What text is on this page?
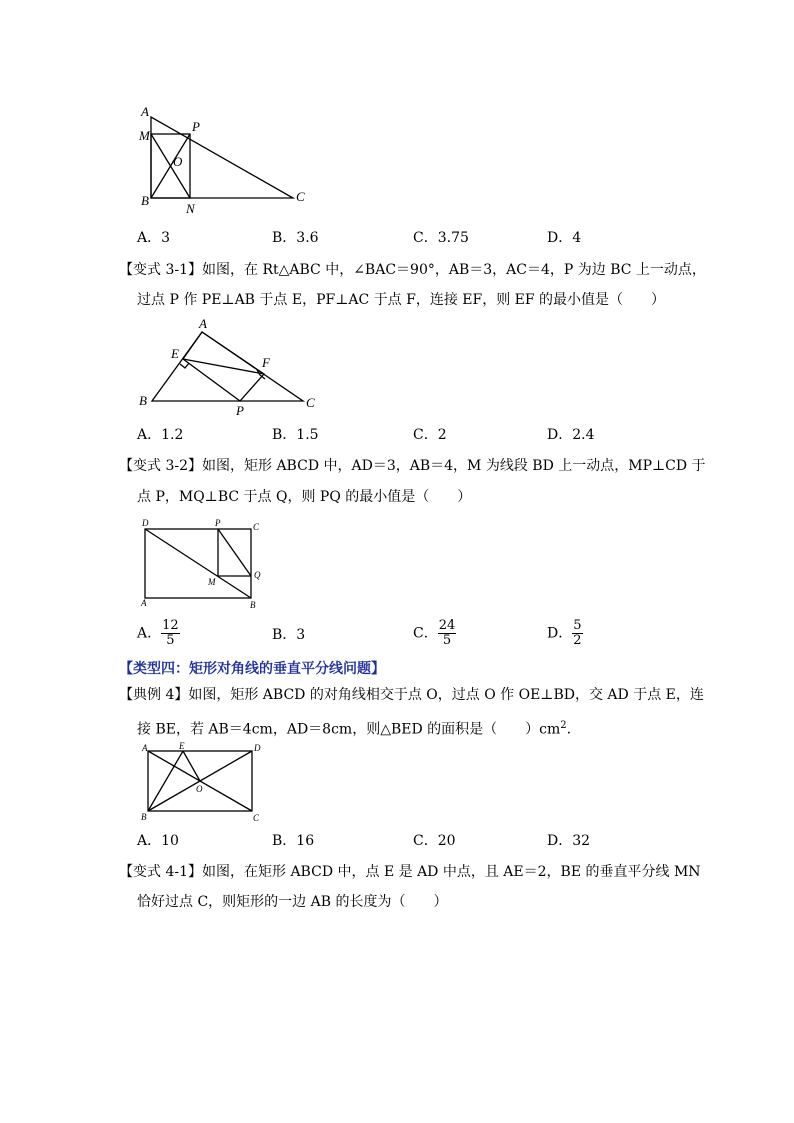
A
M
P
O
B
N
C
A．3	B．3.6	C．3.75	D．4
【变式 3-1】如图，在 Rt△ABC 中，∠BAC＝90°，AB＝3，AC＝4，P 为边 BC 上一动点，
过点 P 作 PE⊥AB 于点 E，PF⊥AC 于点 F，连接 EF，则 EF 的最小值是（　　）
A
E
F
B
P
C
A．1.2	B．1.5	C．2	D．2.4
【变式 3-2】如图，矩形 ABCD 中，AD＝3，AB＝4，M 为线段 BD 上一动点，MP⊥CD 于
点 P，MQ⊥BC 于点 Q，则 PQ 的最小值是（　　）
D	P	C
M
Q
A	B
A． $\frac{12}{5}$	B．3	C． $\frac{24}{5}$	D． $\frac{5}{2}$
【类型四：矩形对角线的垂直平分线问题】
【典例 4】如图，矩形 ABCD 的对角线相交于点 O，过点 O 作 OE⊥BD，交 AD 于点 E，连
接 BE，若 AB＝4cm，AD＝8cm，则△BED 的面积是（　　）$cm^2$.
A	E	D
O
B	C
A．10	B．16	C．20	D．32
【变式 4-1】如图，在矩形 ABCD 中，点 E 是 AD 中点，且 AE＝2，BE 的垂直平分线 MN
恰好过点 C，则矩形的一边 AB 的长度为（　　）
